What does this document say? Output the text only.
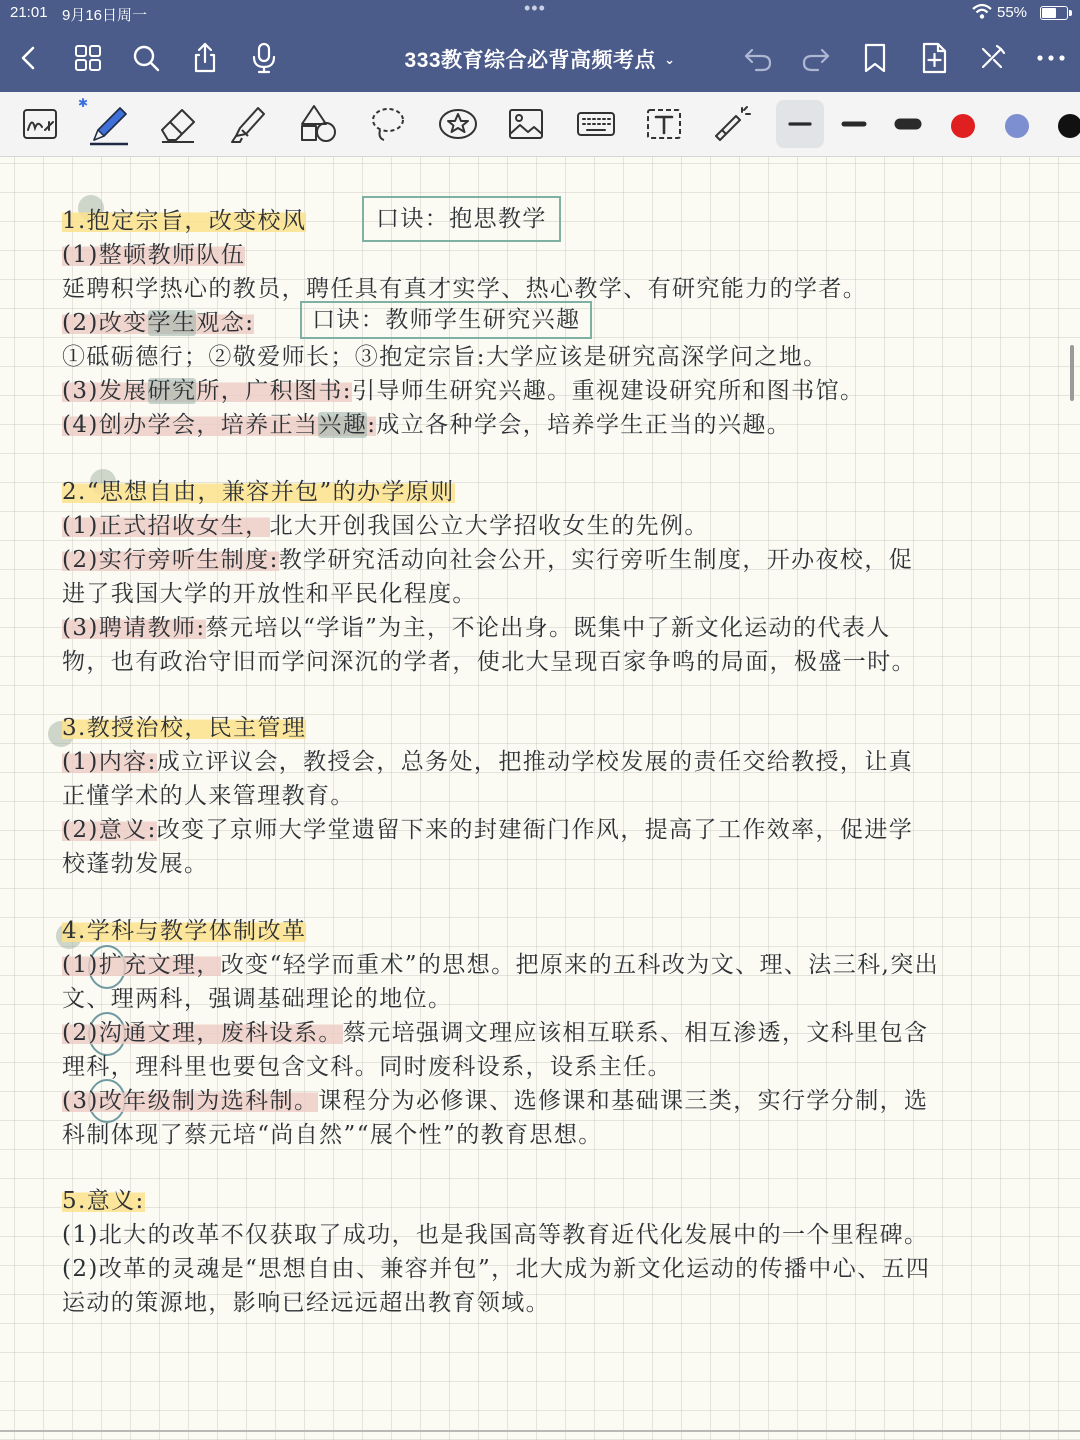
21:01 9月16日周一	•••	55%
333教育综合必背高频考点 ⌄
✱
1.抱定宗旨，改变校风	口诀：抱思教学
(1)整顿教师队伍
延聘积学热心的教员，聘任具有真才实学、热心教学、有研究能力的学者。
(2)改变学生观念:	口诀：教师学生研究兴趣
①砥砺德行；②敬爱师长；③抱定宗旨:大学应该是研究高深学问之地。
(3)发展研究所，广积图书:引导师生研究兴趣。重视建设研究所和图书馆。
(4)创办学会，培养正当兴趣:成立各种学会，培养学生正当的兴趣。
2.“思想自由，兼容并包”的办学原则
(1)正式招收女生，北大开创我国公立大学招收女生的先例。
(2)实行旁听生制度:教学研究活动向社会公开，实行旁听生制度，开办夜校，促
进了我国大学的开放性和平民化程度。
(3)聘请教师:蔡元培以“学诣”为主，不论出身。既集中了新文化运动的代表人
物，也有政治守旧而学问深沉的学者，使北大呈现百家争鸣的局面，极盛一时。
3.教授治校，民主管理
(1)内容:成立评议会，教授会，总务处，把推动学校发展的责任交给教授，让真
正懂学术的人来管理教育。
(2)意义:改变了京师大学堂遗留下来的封建衙门作风，提高了工作效率，促进学
校蓬勃发展。
4.学科与教学体制改革
(1)扩充文理，改变“轻学而重术”的思想。把原来的五科改为文、理、法三科,突出
文、理两科，强调基础理论的地位。
(2)沟通文理，废科设系。蔡元培强调文理应该相互联系、相互渗透，文科里包含
理科，理科里也要包含文科。同时废科设系，设系主任。
(3)改年级制为选科制。课程分为必修课、选修课和基础课三类，实行学分制，选
科制体现了蔡元培“尚自然”“展个性”的教育思想。
5.意义:
(1)北大的改革不仅获取了成功，也是我国高等教育近代化发展中的一个里程碑。
(2)改革的灵魂是“思想自由、兼容并包”，北大成为新文化运动的传播中心、五四
运动的策源地，影响已经远远超出教育领域。
